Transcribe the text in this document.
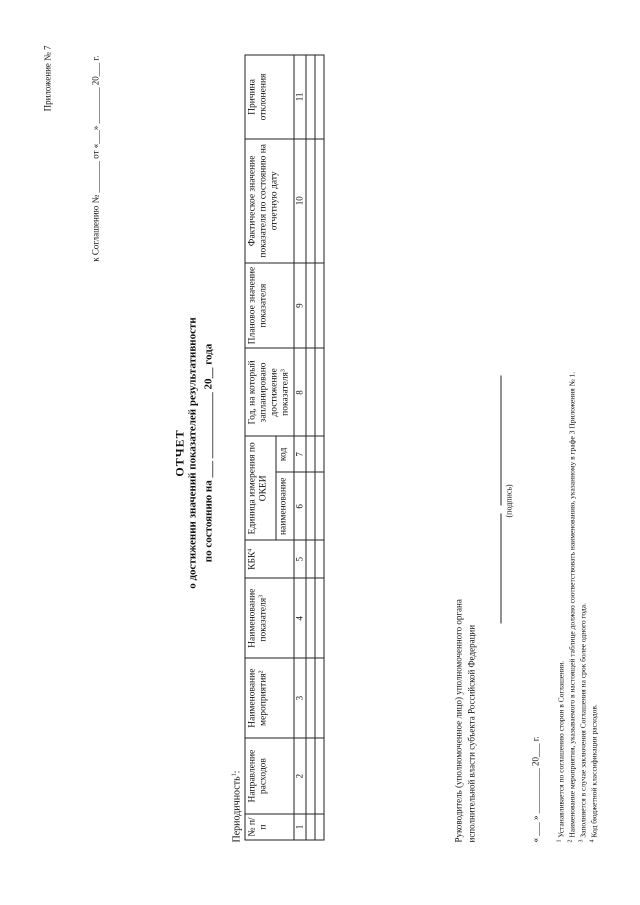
Приложение № 7	к Соглашению № _______ от «___» ________ 20___ г.
ОТЧЕТ о достижении значений показателей результативности по состоянию на ___ ____________ 20__ года
Периодичность$^1$:
№ п/п	Направление расходов	Наименование мероприятия$^2$	Наименование показателя$^3$	КБК$^4$	Единица измерения по ОКЕИ		Год, на который запланировано достижение показателя$^3$	Плановое значение показателя	Фактическое значение показателя по состоянию на отчетную дату	Причина отклонения
					наименование	код				
1	2	3	4	5	6	7	8	9	10	11

Руководитель (уполномоченное лицо) уполномоченного органа исполнительной власти субъекта Российской Федерации
(подпись)
« ___ » __________ 20___ г.	$^1$ Устанавливается по соглашению сторон в Соглашении.
$^2$ Наименование мероприятия, указываемого в настоящей таблице должно соответствовать наименованию, указанному в графе 3 Приложения № 1.
$^3$ Заполняется в случае заключения Соглашения на срок более одного года.
$^4$ Код бюджетной классификации расходов.
